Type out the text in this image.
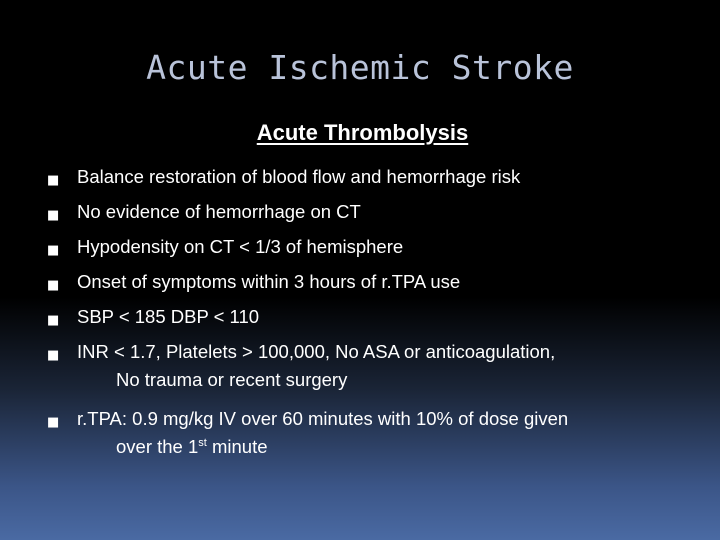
Acute Ischemic Stroke
Acute Thrombolysis
■ Balance restoration of blood flow and hemorrhage risk
■ No evidence of hemorrhage on CT
■ Hypodensity on CT < 1/3 of hemisphere
■ Onset of symptoms within 3 hours of r.TPA use
■ SBP < 185 DBP < 110
■ INR < 1.7, Platelets > 100,000, No ASA or anticoagulation,
No trauma or recent surgery
■ r.TPA: 0.9 mg/kg IV over 60 minutes with 10% of dose given
over the 1st minute
